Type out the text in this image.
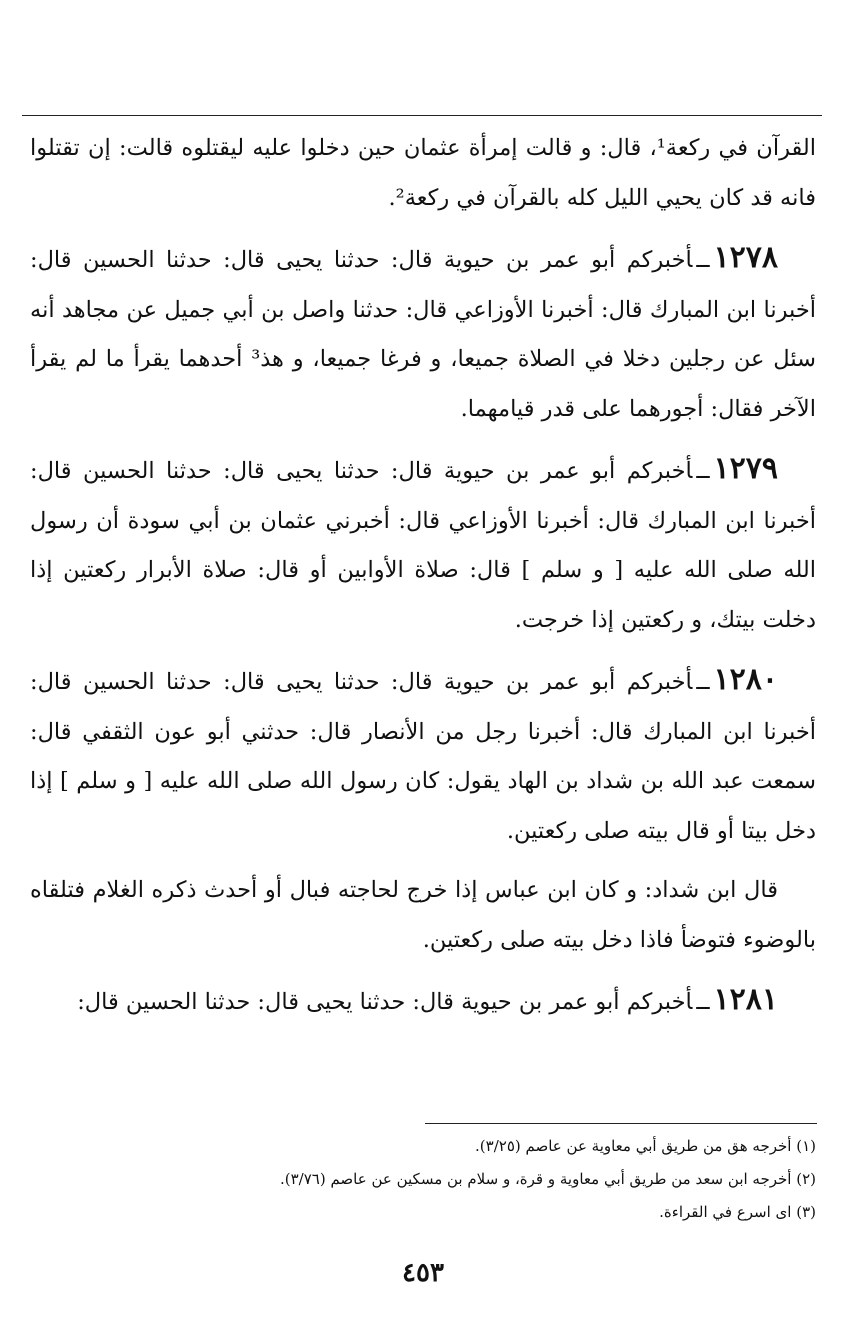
القرآن في ركعة¹، قال: و قالت إمرأة عثمان حين دخلوا عليه ليقتلوه قالت: إن تقتلوا فانه قد كان يحيي الليل كله بالقرآن في ركعة².

١٢٧٨ــأخبركم أبو عمر بن حيوية قال: حدثنا يحيى قال: حدثنا الحسين قال: أخبرنا ابن المبارك قال: أخبرنا الأوزاعي قال: حدثنا واصل بن أبي جميل عن مجاهد أنه سئل عن رجلين دخلا في الصلاة جميعا، و فرغا جميعا، و هذ³ أحدهما يقرأ ما لم يقرأ الآخر فقال: أجورهما على قدر قيامهما.

١٢٧٩ــأخبركم أبو عمر بن حيوية قال: حدثنا يحيى قال: حدثنا الحسين قال: أخبرنا ابن المبارك قال: أخبرنا الأوزاعي قال: أخبرني عثمان بن أبي سودة أن رسول الله صلى الله عليه [ و سلم ] قال: صلاة الأوابين أو قال: صلاة الأبرار ركعتين إذا دخلت بيتك، و ركعتين إذا خرجت.

١٢٨٠ــأخبركم أبو عمر بن حيوية قال: حدثنا يحيى قال: حدثنا الحسين قال: أخبرنا ابن المبارك قال: أخبرنا رجل من الأنصار قال: حدثني أبو عون الثقفي قال: سمعت عبد الله بن شداد بن الهاد يقول: كان رسول الله صلى الله عليه [ و سلم ] إذا دخل بيتا أو قال بيته صلى ركعتين.

قال ابن شداد: و كان ابن عباس إذا خرج لحاجته فبال أو أحدث ذكره الغلام فتلقاه بالوضوء فتوضأ فاذا دخل بيته صلى ركعتين.

١٢٨١ــأخبركم أبو عمر بن حيوية قال: حدثنا يحيى قال: حدثنا الحسين قال:

(١) أخرجه هق من طريق أبي معاوية عن عاصم (٣/٢٥).

(٢) أخرجه ابن سعد من طريق أبي معاوية و قرة، و سلام بن مسكين عن عاصم (٣/٧٦).

(٣) اى اسرع في القراءة.

٤٥٣
